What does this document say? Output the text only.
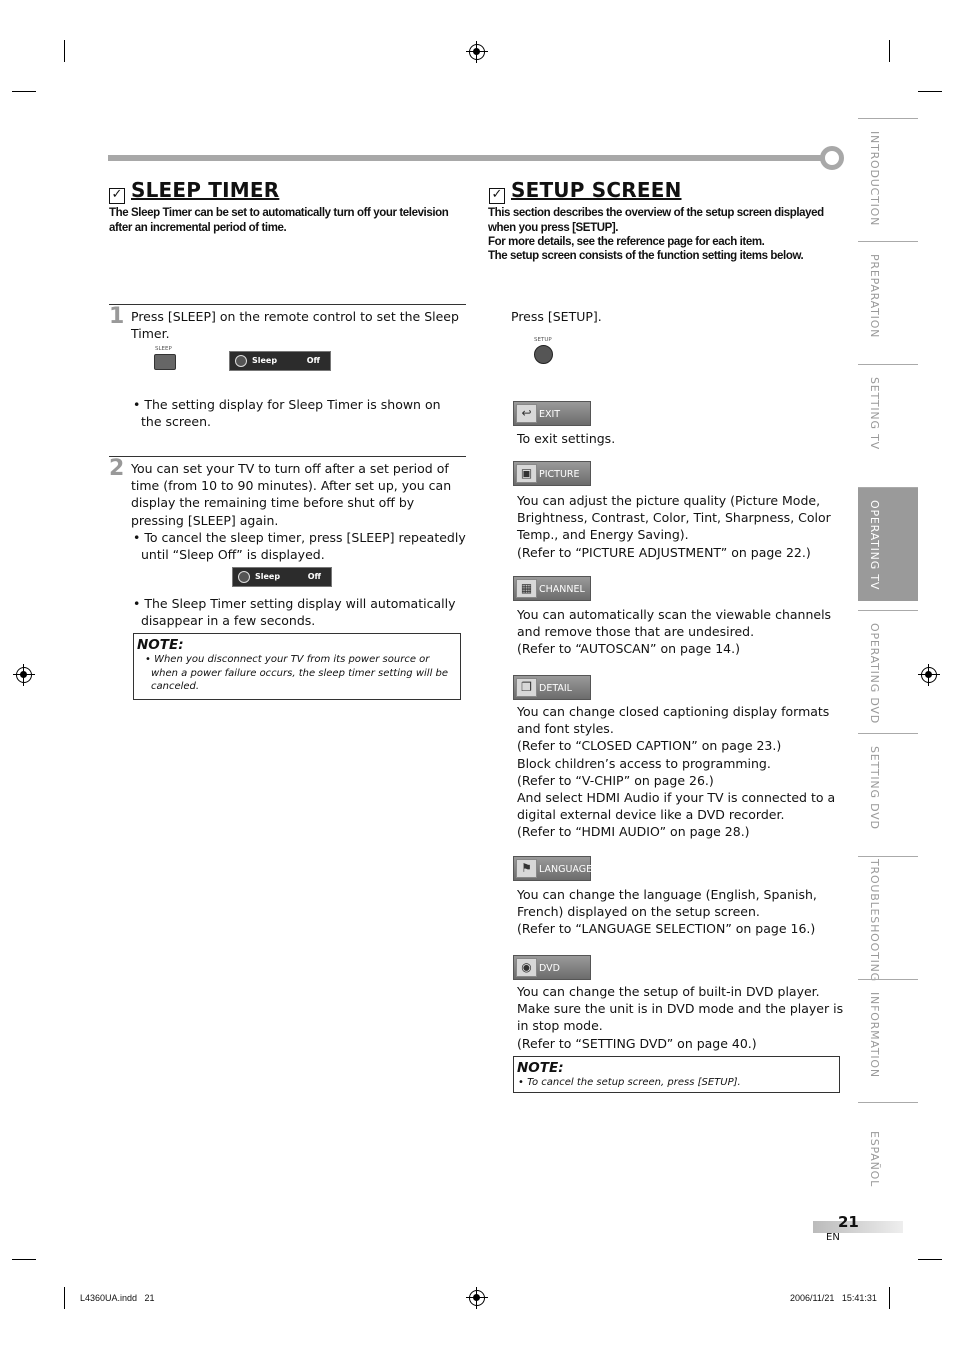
✓ SLEEP TIMER
The Sleep Timer can be set to automatically turn off your television after an incremental period of time.
1 Press [SLEEP] on the remote control to set the Sleep Timer.
SLEEP
Sleep	Off
• The setting display for Sleep Timer is shown on the screen.
2 You can set your TV to turn off after a set period of time (from 10 to 90 minutes). After set up, you can display the remaining time before shut off by pressing [SLEEP] again.
• To cancel the sleep timer, press [SLEEP] repeatedly until “Sleep Off” is displayed.
Sleep	Off
• The Sleep Timer setting display will automatically disappear in a few seconds.
NOTE:
• When you disconnect your TV from its power source or when a power failure occurs, the sleep timer setting will be canceled.
✓ SETUP SCREEN
This section describes the overview of the setup screen displayed when you press [SETUP].
For more details, see the reference page for each item.
The setup screen consists of the function setting items below.
Press [SETUP].
SETUP
↩ EXIT
To exit settings.
▣ PICTURE
You can adjust the picture quality (Picture Mode, Brightness, Contrast, Color, Tint, Sharpness, Color Temp., and Energy Saving).
(Refer to “PICTURE ADJUSTMENT” on page 22.)
▦ CHANNEL
You can automatically scan the viewable channels and remove those that are undesired.
(Refer to “AUTOSCAN” on page 14.)
❐ DETAIL
You can change closed captioning display formats and font styles.
(Refer to “CLOSED CAPTION” on page 23.)
Block children’s access to programming.
(Refer to “V-CHIP” on page 26.)
And select HDMI Audio if your TV is connected to a digital external device like a DVD recorder.
(Refer to “HDMI AUDIO” on page 28.)
⚑ LANGUAGE
You can change the language (English, Spanish, French) displayed on the setup screen.
(Refer to “LANGUAGE SELECTION” on page 16.)
◉ DVD
You can change the setup of built-in DVD player. Make sure the unit is in DVD mode and the player is in stop mode.
(Refer to “SETTING DVD” on page 40.)
NOTE:
• To cancel the setup screen, press [SETUP].
INTRODUCTION
PREPARATION
SETTING TV
OPERATING TV
OPERATING DVD
SETTING DVD
TROUBLESHOOTING
INFORMATION
ESPAÑOL
21
EN
L4360UA.indd   21	2006/11/21   15:41:31
